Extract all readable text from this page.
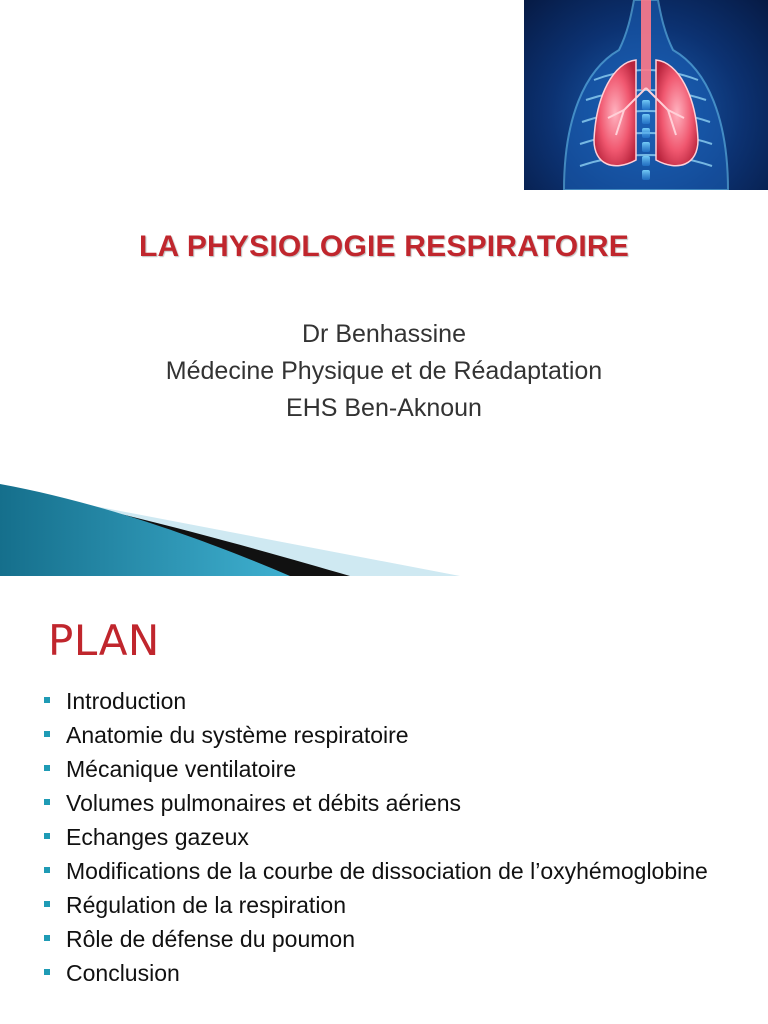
LA PHYSIOLOGIE RESPIRATOIRE
Dr Benhassine
Médecine Physique et de Réadaptation
EHS Ben-Aknoun
PLAN
Introduction
Anatomie du système respiratoire
Mécanique ventilatoire
Volumes pulmonaires et débits aériens
Echanges gazeux
Modifications de la courbe de dissociation de l’oxyhémoglobine
Régulation de la respiration
Rôle de défense du poumon
Conclusion
